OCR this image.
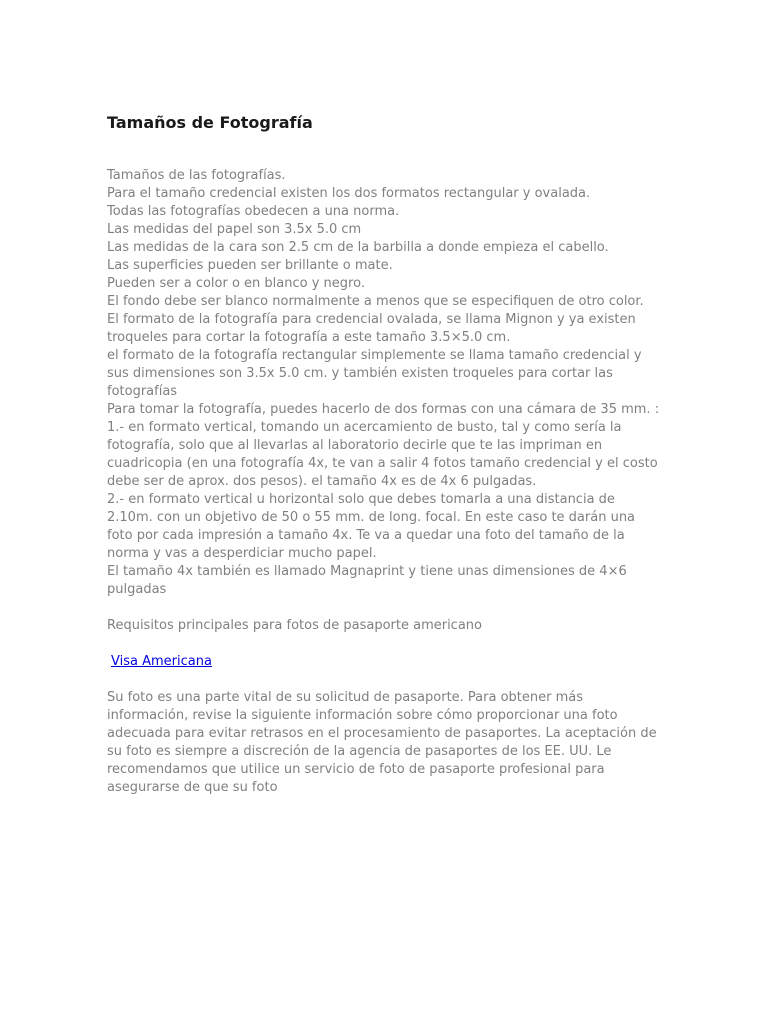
Tamaños de Fotografía

Tamaños de las fotografías.

Para el tamaño credencial existen los dos formatos rectangular y ovalada.

Todas las fotografías obedecen a una norma.

Las medidas del papel son 3.5x 5.0 cm

Las medidas de la cara son 2.5 cm de la barbilla a donde empieza el cabello.

Las superficies pueden ser brillante o mate.

Pueden ser a color o en blanco y negro.

El fondo debe ser blanco normalmente a menos que se especifiquen de otro color.

El formato de la fotografía para credencial ovalada, se llama Mignon y ya existen troqueles para cortar la fotografía a este tamaño 3.5×5.0 cm.

el formato de la fotografía rectangular simplemente se llama tamaño credencial y sus dimensiones son 3.5x 5.0 cm. y también existen troqueles para cortar las fotografías

Para tomar la fotografía, puedes hacerlo de dos formas con una cámara de 35 mm. :

1.- en formato vertical, tomando un acercamiento de busto, tal y como sería la fotografía, solo que al llevarlas al laboratorio decirle que te las impriman en cuadricopia (en una fotografía 4x, te van a salir 4 fotos tamaño credencial y el costo debe ser de aprox. dos pesos). el tamaño 4x es de 4x 6 pulgadas.

2.- en formato vertical u horizontal solo que debes tomarla a una distancia de 2.10m. con un objetivo de 50 o 55 mm. de long. focal. En este caso te darán una foto por cada impresión a tamaño 4x. Te va a quedar una foto del tamaño de la norma y vas a desperdiciar mucho papel.

El tamaño 4x también es llamado Magnaprint y tiene unas dimensiones de 4×6 pulgadas

Requisitos principales para fotos de pasaporte americano

Visa Americana

Su foto es una parte vital de su solicitud de pasaporte. Para obtener más información, revise la siguiente información sobre cómo proporcionar una foto adecuada para evitar retrasos en el procesamiento de pasaportes. La aceptación de su foto es siempre a discreción de la agencia de pasaportes de los EE. UU. Le recomendamos que utilice un servicio de foto de pasaporte profesional para asegurarse de que su foto
